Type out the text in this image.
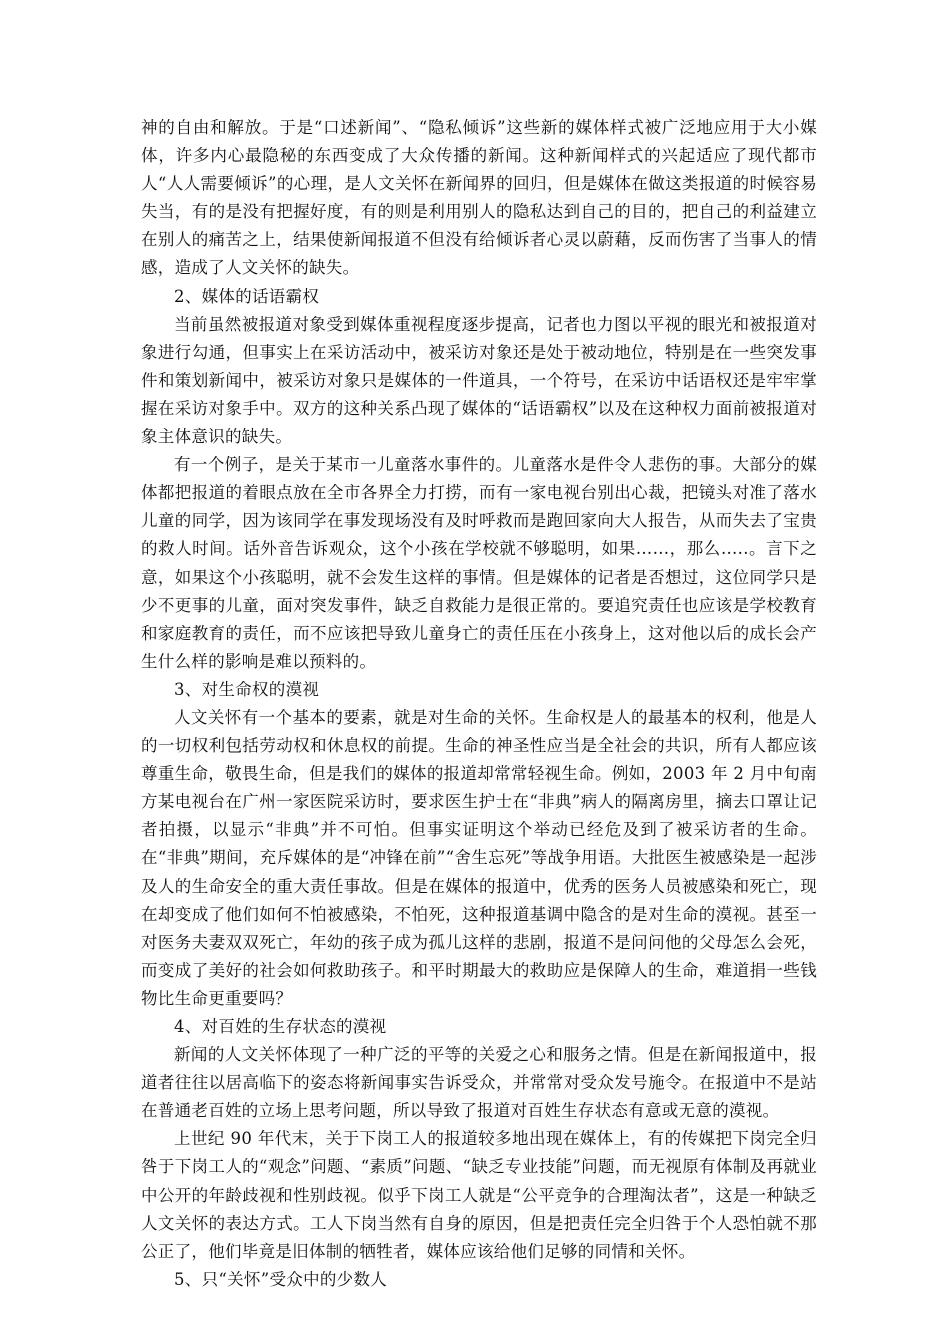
神的自由和解放。于是“口述新闻”、“隐私倾诉”这些新的媒体样式被广泛地应用于大小媒体，许多内心最隐秘的东西变成了大众传播的新闻。这种新闻样式的兴起适应了现代都市人“人人需要倾诉”的心理，是人文关怀在新闻界的回归，但是媒体在做这类报道的时候容易失当，有的是没有把握好度，有的则是利用别人的隐私达到自己的目的，把自己的利益建立在别人的痛苦之上，结果使新闻报道不但没有给倾诉者心灵以蔚藉，反而伤害了当事人的情感，造成了人文关怀的缺失。

2、媒体的话语霸权

当前虽然被报道对象受到媒体重视程度逐步提高，记者也力图以平视的眼光和被报道对象进行勾通，但事实上在采访活动中，被采访对象还是处于被动地位，特别是在一些突发事件和策划新闻中，被采访对象只是媒体的一件道具，一个符号，在采访中话语权还是牢牢掌握在采访对象手中。双方的这种关系凸现了媒体的“话语霸权”以及在这种权力面前被报道对象主体意识的缺失。

有一个例子，是关于某市一儿童落水事件的。儿童落水是件令人悲伤的事。大部分的媒体都把报道的着眼点放在全市各界全力打捞，而有一家电视台别出心裁，把镜头对准了落水儿童的同学，因为该同学在事发现场没有及时呼救而是跑回家向大人报告，从而失去了宝贵的救人时间。话外音告诉观众，这个小孩在学校就不够聪明，如果……，那么…..。言下之意，如果这个小孩聪明，就不会发生这样的事情。但是媒体的记者是否想过，这位同学只是少不更事的儿童，面对突发事件，缺乏自救能力是很正常的。要追究责任也应该是学校教育和家庭教育的责任，而不应该把导致儿童身亡的责任压在小孩身上，这对他以后的成长会产生什么样的影响是难以预料的。

3、对生命权的漠视

人文关怀有一个基本的要素，就是对生命的关怀。生命权是人的最基本的权利，他是人的一切权利包括劳动权和休息权的前提。生命的神圣性应当是全社会的共识，所有人都应该尊重生命，敬畏生命，但是我们的媒体的报道却常常轻视生命。例如，2003 年 2 月中旬南方某电视台在广州一家医院采访时，要求医生护士在“非典”病人的隔离房里，摘去口罩让记者拍摄，以显示“非典”并不可怕。但事实证明这个举动已经危及到了被采访者的生命。在“非典”期间，充斥媒体的是“冲锋在前”“舍生忘死”等战争用语。大批医生被感染是一起涉及人的生命安全的重大责任事故。但是在媒体的报道中，优秀的医务人员被感染和死亡，现在却变成了他们如何不怕被感染，不怕死，这种报道基调中隐含的是对生命的漠视。甚至一对医务夫妻双双死亡，年幼的孩子成为孤儿这样的悲剧，报道不是问问他的父母怎么会死，而变成了美好的社会如何救助孩子。和平时期最大的救助应是保障人的生命，难道捐一些钱物比生命更重要吗？

4、对百姓的生存状态的漠视

新闻的人文关怀体现了一种广泛的平等的关爱之心和服务之情。但是在新闻报道中，报道者往往以居高临下的姿态将新闻事实告诉受众，并常常对受众发号施令。在报道中不是站在普通老百姓的立场上思考问题，所以导致了报道对百姓生存状态有意或无意的漠视。

上世纪 90 年代末，关于下岗工人的报道较多地出现在媒体上，有的传媒把下岗完全归咎于下岗工人的“观念”问题、“素质”问题、“缺乏专业技能”问题，而无视原有体制及再就业中公开的年龄歧视和性别歧视。似乎下岗工人就是“公平竞争的合理淘汰者”，这是一种缺乏人文关怀的表达方式。工人下岗当然有自身的原因，但是把责任完全归咎于个人恐怕就不那公正了，他们毕竟是旧体制的牺牲者，媒体应该给他们足够的同情和关怀。

5、只“关怀”受众中的少数人
